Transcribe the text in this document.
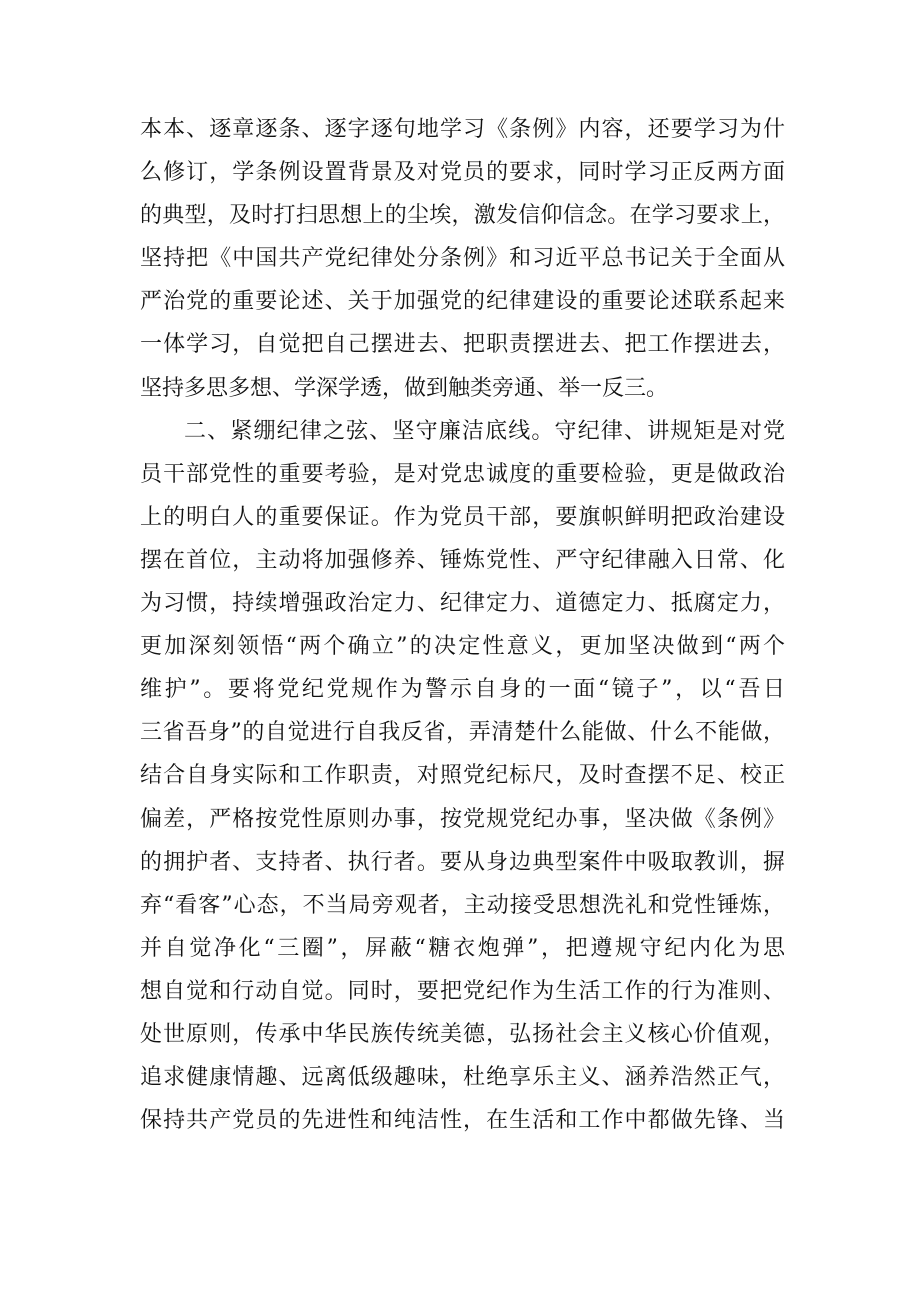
本本、逐章逐条、逐字逐句地学习《条例》内容，还要学习为什
么修订，学条例设置背景及对党员的要求，同时学习正反两方面
的典型，及时打扫思想上的尘埃，激发信仰信念。在学习要求上，
坚持把《中国共产党纪律处分条例》和习近平总书记关于全面从
严治党的重要论述、关于加强党的纪律建设的重要论述联系起来
一体学习，自觉把自己摆进去、把职责摆进去、把工作摆进去，
坚持多思多想、学深学透，做到触类旁通、举一反三。
二、紧绷纪律之弦、坚守廉洁底线。守纪律、讲规矩是对党
员干部党性的重要考验，是对党忠诚度的重要检验，更是做政治
上的明白人的重要保证。作为党员干部，要旗帜鲜明把政治建设
摆在首位，主动将加强修养、锤炼党性、严守纪律融入日常、化
为习惯，持续增强政治定力、纪律定力、道德定力、抵腐定力，
更加深刻领悟“两个确立”的决定性意义，更加坚决做到“两个
维护”。要将党纪党规作为警示自身的一面“镜子”，以“吾日
三省吾身”的自觉进行自我反省，弄清楚什么能做、什么不能做，
结合自身实际和工作职责，对照党纪标尺，及时查摆不足、校正
偏差，严格按党性原则办事，按党规党纪办事，坚决做《条例》
的拥护者、支持者、执行者。要从身边典型案件中吸取教训，摒
弃“看客”心态，不当局旁观者，主动接受思想洗礼和党性锤炼，
并自觉净化“三圈”，屏蔽“糖衣炮弹”，把遵规守纪内化为思
想自觉和行动自觉。同时，要把党纪作为生活工作的行为准则、
处世原则，传承中华民族传统美德，弘扬社会主义核心价值观，
追求健康情趣、远离低级趣味，杜绝享乐主义、涵养浩然正气，
保持共产党员的先进性和纯洁性，在生活和工作中都做先锋、当
